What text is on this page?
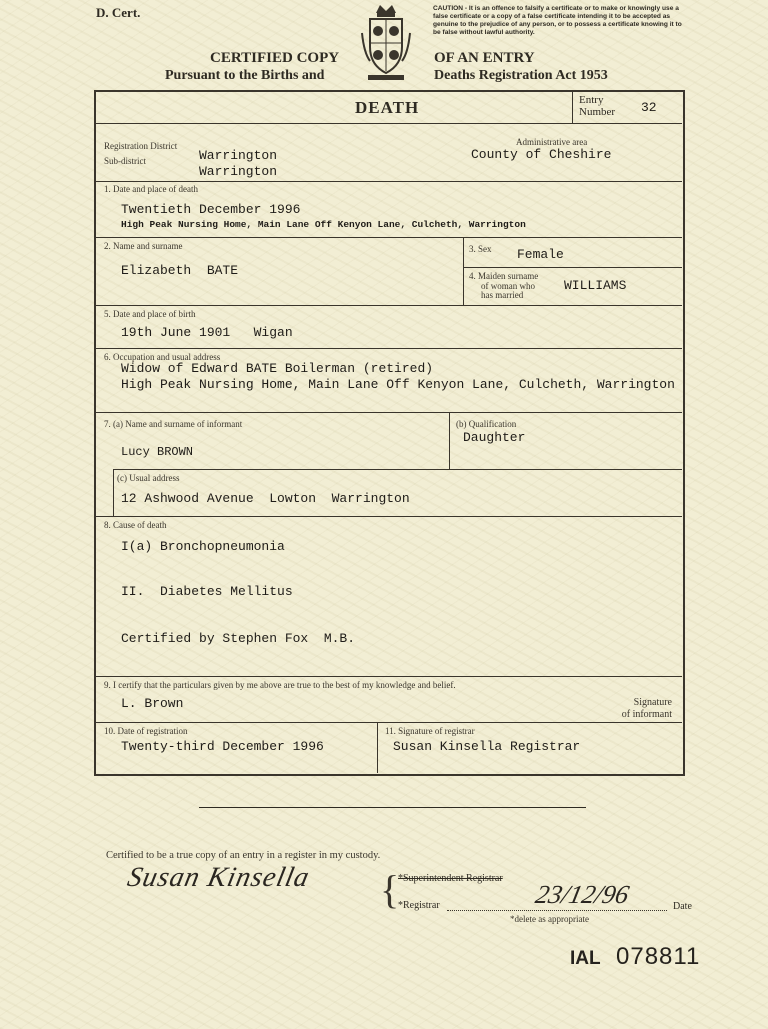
D. Cert.	CAUTION - It is an offence to falsify a certificate or to make or knowingly use a false certificate or a copy of a false certificate intending it to be accepted as genuine to the prejudice of any person, or to possess a certificate knowing it to be false without lawful authority.
CERTIFIED COPY
Pursuant to the Births and
OF AN ENTRY
Deaths Registration Act 1953
DEATH	Entry
Number 32
Registration District
Sub-district	Warrington
Warrington
Administrative area
County of Cheshire
1. Date and place of death
Twentieth December 1996
High Peak Nursing Home, Main Lane Off Kenyon Lane, Culcheth, Warrington
2. Name and surname
Elizabeth  BATE
3. Sex Female
4. Maiden surname
of woman who
has married
WILLIAMS
5. Date and place of birth
19th June 1901   Wigan
6. Occupation and usual address
Widow of Edward BATE Boilerman (retired)
High Peak Nursing Home, Main Lane Off Kenyon Lane, Culcheth, Warrington
7. (a) Name and surname of informant
Lucy BROWN
(b) Qualification
Daughter
(c) Usual address
12 Ashwood Avenue  Lowton  Warrington
8. Cause of death
I(a) Bronchopneumonia
II.  Diabetes Mellitus
Certified by Stephen Fox  M.B.
9. I certify that the particulars given by me above are true to the best of my knowledge and belief.
L. Brown	Signature
of informant
10. Date of registration
Twenty-third December 1996
11. Signature of registrar
Susan Kinsella Registrar
Certified to be a true copy of an entry in a register in my custody.
Susan Kinsella {
*Superintendent Registrar
*Registrar	23/12/96	Date
*delete as appropriate
IAL 078811
